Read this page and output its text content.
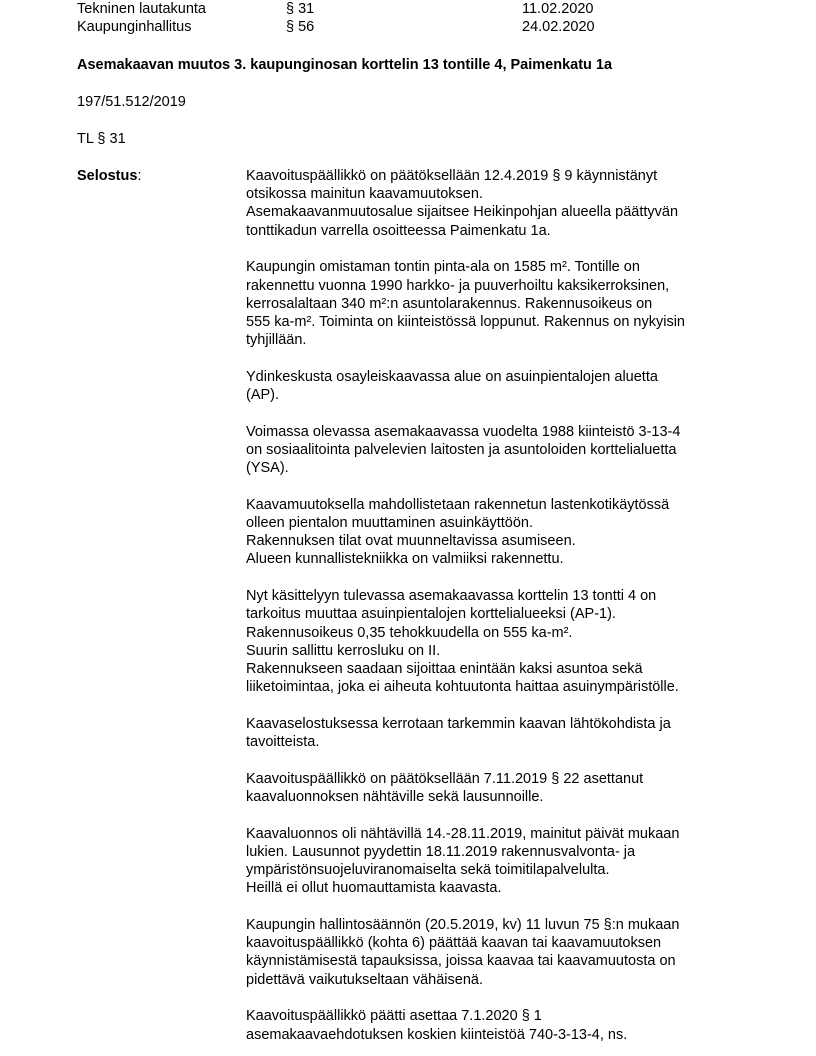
Tekninen lautakunta	§ 31	11.02.2020
Kaupunginhallitus	§ 56	24.02.2020
Asemakaavan muutos 3. kaupunginosan korttelin 13 tontille 4, Paimenkatu 1a
197/51.512/2019
TL § 31
Selostus:	Kaavoituspäällikkö on päätöksellään 12.4.2019 § 9 käynnistänyt
otsikossa mainitun kaavamuutoksen.
Asemakaavanmuutosalue sijaitsee Heikinpohjan alueella päättyvän
tonttikadun varrella osoitteessa Paimenkatu 1a.
Kaupungin omistaman tontin pinta-ala on 1585 m². Tontille on
rakennettu vuonna 1990 harkko- ja puuverhoiltu kaksikerroksinen,
kerrosalaltaan 340 m²:n asuntolarakennus. Rakennusoikeus on
555 ka-m². Toiminta on kiinteistössä loppunut. Rakennus on nykyisin
tyhjillään.
Ydinkeskusta osayleiskaavassa alue on asuinpientalojen aluetta
(AP).
Voimassa olevassa asemakaavassa vuodelta 1988 kiinteistö 3-13-4
on sosiaalitointa palvelevien laitosten ja asuntoloiden korttelialuetta
(YSA).
Kaavamuutoksella mahdollistetaan rakennetun lastenkotikäytössä
olleen pientalon muuttaminen asuinkäyttöön.
Rakennuksen tilat ovat muunneltavissa asumiseen.
Alueen kunnallistekniikka on valmiiksi rakennettu.
Nyt käsittelyyn tulevassa asemakaavassa korttelin 13 tontti 4 on
tarkoitus muuttaa asuinpientalojen korttelialueeksi (AP-1).
Rakennusoikeus 0,35 tehokkuudella on 555 ka-m².
Suurin sallittu kerrosluku on II.
Rakennukseen saadaan sijoittaa enintään kaksi asuntoa sekä
liiketoimintaa, joka ei aiheuta kohtuutonta haittaa asuinympäristölle.
Kaavaselostuksessa kerrotaan tarkemmin kaavan lähtökohdista ja
tavoitteista.
Kaavoituspäällikkö on päätöksellään 7.11.2019 § 22 asettanut
kaavaluonnoksen nähtäville sekä lausunnoille.
Kaavaluonnos oli nähtävillä 14.-28.11.2019, mainitut päivät mukaan
lukien. Lausunnot pyydettin 18.11.2019 rakennusvalvonta- ja
ympäristönsuojeluviranomaiselta sekä toimitilapalvelulta.
Heillä ei ollut huomauttamista kaavasta.
Kaupungin hallintosäännön (20.5.2019, kv) 11 luvun 75 §:n mukaan
kaavoituspäällikkö (kohta 6) päättää kaavan tai kaavamuutoksen
käynnistämisestä tapauksissa, joissa kaavaa tai kaavamuutosta on
pidettävä vaikutukseltaan vähäisenä.
Kaavoituspäällikkö päätti asettaa 7.1.2020 § 1
asemakaavaehdotuksen koskien kiinteistöä 740-3-13-4, ns.
